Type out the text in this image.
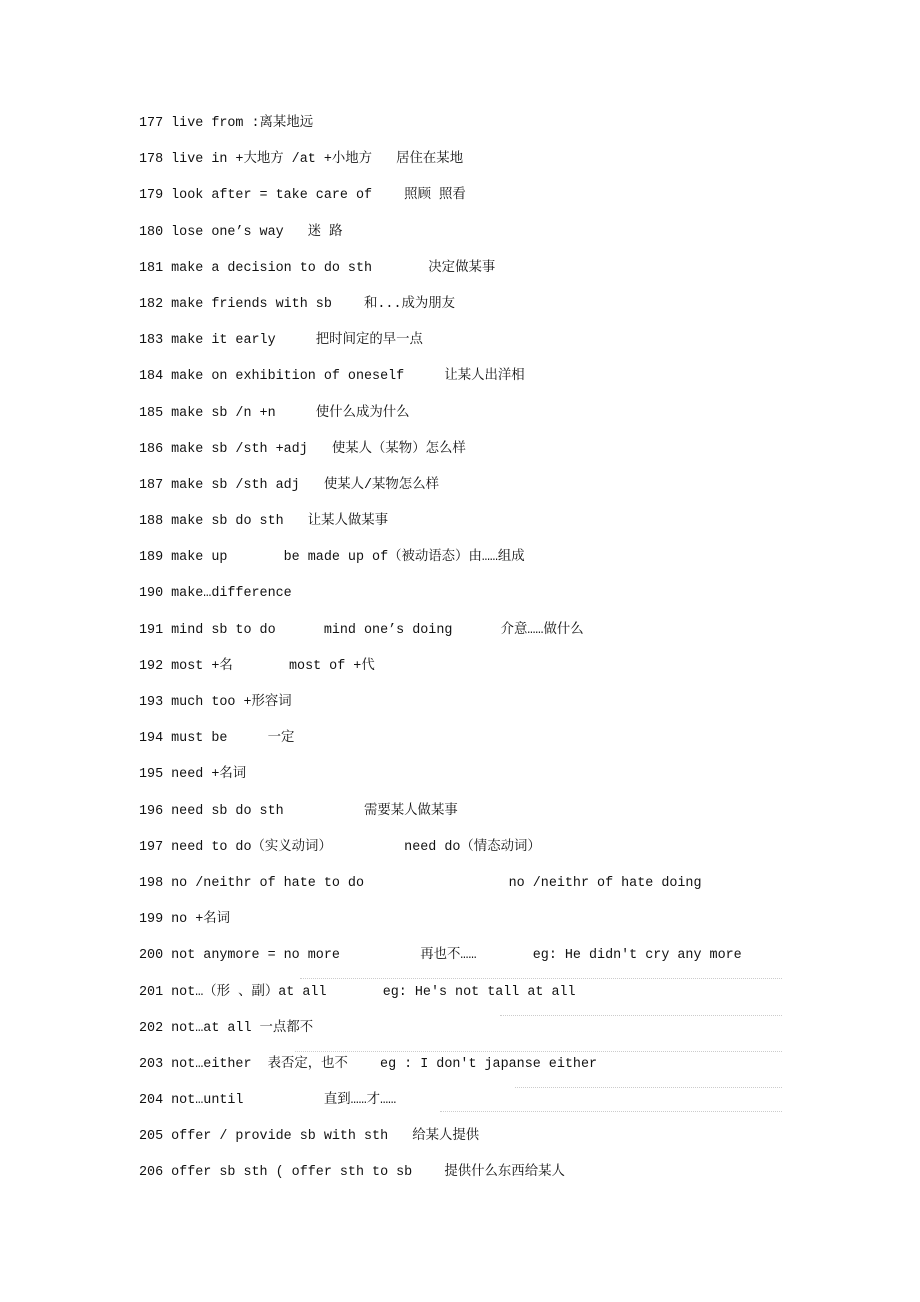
177 live from :离某地远
178 live in +大地方 /at +小地方   居住在某地
179 look after = take care of    照顾 照看
180 lose one’s way   迷 路
181 make a decision to do sth       决定做某事
182 make friends with sb    和...成为朋友
183 make it early     把时间定的早一点
184 make on exhibition of oneself     让某人出洋相
185 make sb /n +n     使什么成为什么
186 make sb /sth +adj   使某人（某物）怎么样
187 make sb /sth adj   使某人/某物怎么样
188 make sb do sth   让某人做某事
189 make up       be made up of（被动语态）由……组成
190 make…difference
191 mind sb to do      mind one’s doing      介意……做什么
192 most +名       most of +代
193 much too +形容词
194 must be     一定
195 need +名词
196 need sb do sth          需要某人做某事
197 need to do（实义动词）         need do（情态动词）
198 no /neithr of hate to do                  no /neithr of hate doing
199 no +名词
200 not anymore = no more          再也不……       eg: He didn't cry any more
201 not…（形 、副）at all       eg: He's not tall at all
202 not…at all 一点都不
203 not…either  表否定，也不    eg : I don't japanse either
204 not…until          直到……才……
205 offer / provide sb with sth   给某人提供
206 offer sb sth ( offer sth to sb    提供什么东西给某人
